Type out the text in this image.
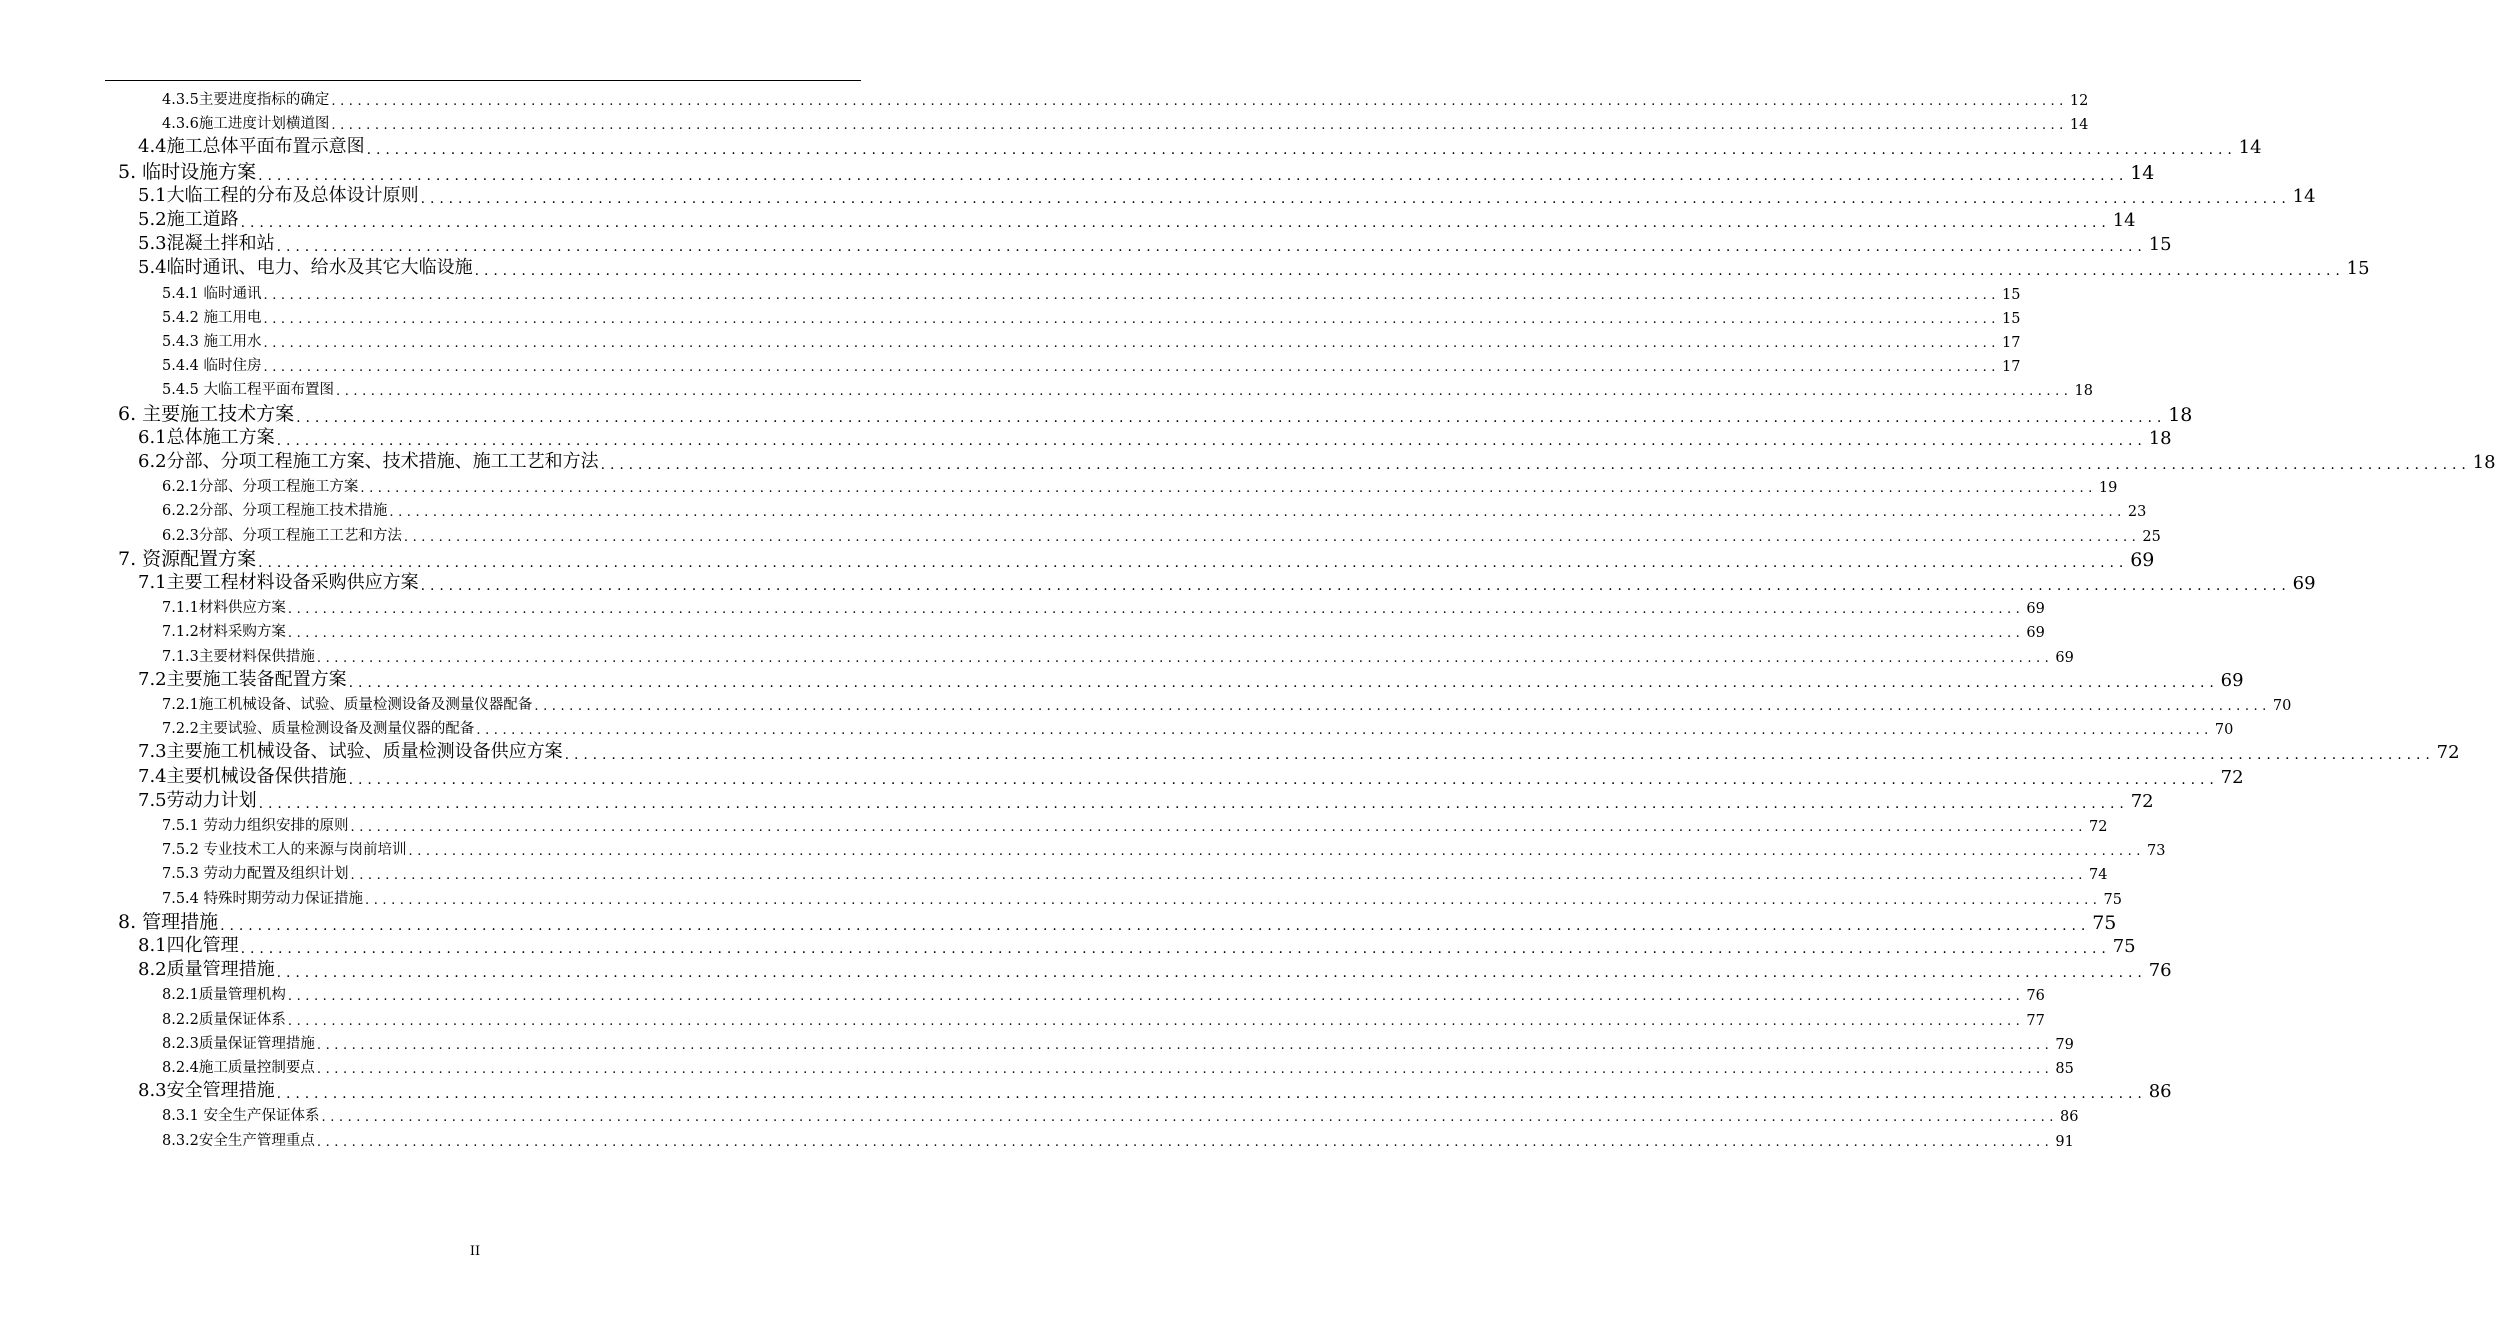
4.3.5主要进度指标的确定 ........................................................................................................................................................................................................ 12
4.3.6施工进度计划横道图 ........................................................................................................................................................................................................ 14
4.4施工总体平面布置示意图 ........................................................................................................................................................................................................ 14
5. 临时设施方案 ........................................................................................................................................................................................................ 14
5.1大临工程的分布及总体设计原则 ........................................................................................................................................................................................................ 14
5.2施工道路 ........................................................................................................................................................................................................ 14
5.3混凝土拌和站 ........................................................................................................................................................................................................ 15
5.4临时通讯、电力、给水及其它大临设施 ........................................................................................................................................................................................................ 15
5.4.1 临时通讯 ........................................................................................................................................................................................................ 15
5.4.2 施工用电 ........................................................................................................................................................................................................ 15
5.4.3 施工用水 ........................................................................................................................................................................................................ 17
5.4.4 临时住房 ........................................................................................................................................................................................................ 17
5.4.5 大临工程平面布置图 ........................................................................................................................................................................................................ 18
6. 主要施工技术方案 ........................................................................................................................................................................................................ 18
6.1总体施工方案 ........................................................................................................................................................................................................ 18
6.2分部、分项工程施工方案、技术措施、施工工艺和方法 ........................................................................................................................................................................................................ 18
6.2.1分部、分项工程施工方案 ........................................................................................................................................................................................................ 19
6.2.2分部、分项工程施工技术措施 ........................................................................................................................................................................................................ 23
6.2.3分部、分项工程施工工艺和方法 ........................................................................................................................................................................................................ 25
7. 资源配置方案 ........................................................................................................................................................................................................ 69
7.1主要工程材料设备采购供应方案 ........................................................................................................................................................................................................ 69
7.1.1材料供应方案 ........................................................................................................................................................................................................ 69
7.1.2材料采购方案 ........................................................................................................................................................................................................ 69
7.1.3主要材料保供措施 ........................................................................................................................................................................................................ 69
7.2主要施工装备配置方案 ........................................................................................................................................................................................................ 69
7.2.1施工机械设备、试验、质量检测设备及测量仪器配备 ........................................................................................................................................................................................................ 70
7.2.2主要试验、质量检测设备及测量仪器的配备 ........................................................................................................................................................................................................ 70
7.3主要施工机械设备、试验、质量检测设备供应方案 ........................................................................................................................................................................................................ 72
7.4主要机械设备保供措施 ........................................................................................................................................................................................................ 72
7.5劳动力计划 ........................................................................................................................................................................................................ 72
7.5.1 劳动力组织安排的原则 ........................................................................................................................................................................................................ 72
7.5.2 专业技术工人的来源与岗前培训 ........................................................................................................................................................................................................ 73
7.5.3 劳动力配置及组织计划 ........................................................................................................................................................................................................ 74
7.5.4 特殊时期劳动力保证措施 ........................................................................................................................................................................................................ 75
8. 管理措施 ........................................................................................................................................................................................................ 75
8.1四化管理 ........................................................................................................................................................................................................ 75
8.2质量管理措施 ........................................................................................................................................................................................................ 76
8.2.1质量管理机构 ........................................................................................................................................................................................................ 76
8.2.2质量保证体系 ........................................................................................................................................................................................................ 77
8.2.3质量保证管理措施 ........................................................................................................................................................................................................ 79
8.2.4施工质量控制要点 ........................................................................................................................................................................................................ 85
8.3安全管理措施 ........................................................................................................................................................................................................ 86
8.3.1 安全生产保证体系 ........................................................................................................................................................................................................ 86
8.3.2安全生产管理重点 ........................................................................................................................................................................................................ 91
II
